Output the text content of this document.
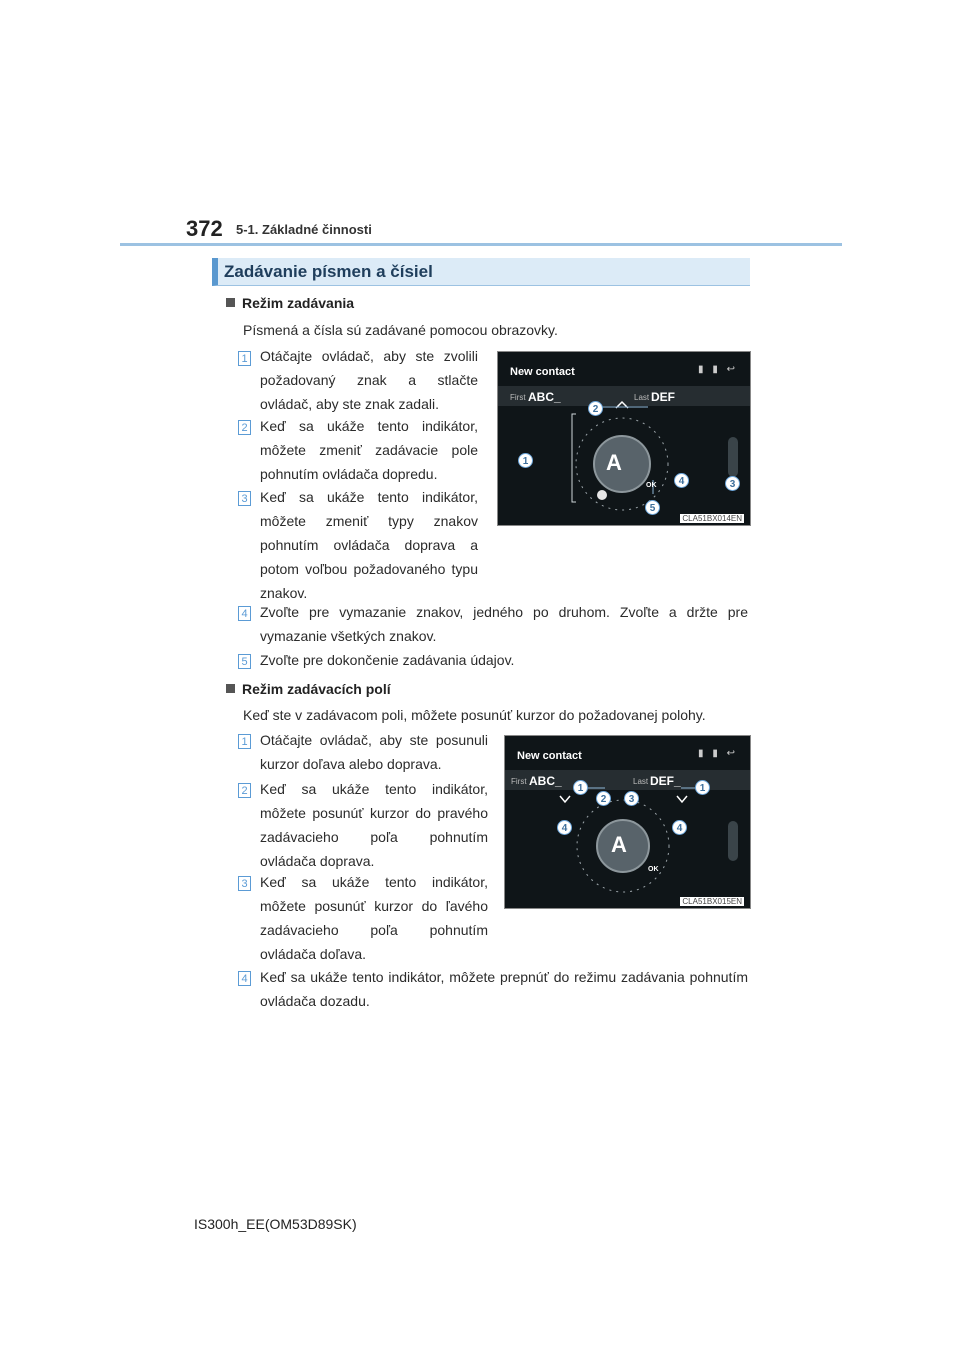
372 5-1. Základné činnosti
Zadávanie písmen a čísiel
Režim zadávania
Písmená a čísla sú zadávané pomocou obrazovky.
1 Otáčajte ovládač, aby ste zvolili požadovaný znak a stlačte ovládač, aby ste znak zadali.
2 Keď sa ukáže tento indikátor, môžete zmeniť zadávacie pole pohnutím ovládača dopredu.
3 Keď sa ukáže tento indikátor, môžete zmeniť typy znakov pohnutím ovládača doprava a potom voľbou požadovaného typu znakov.
New contact	▮ ▮ ↩
First ABC_	Last DEF
A
OK
2
1
4	3
5
CLA51BX014EN
4 Zvoľte pre vymazanie znakov, jedného po druhom. Zvoľte a držte pre vymazanie všetkých znakov.
5 Zvoľte pre dokončenie zadávania údajov.
Režim zadávacích polí
Keď ste v zadávacom poli, môžete posunúť kurzor do požadovanej polohy.
1 Otáčajte ovládač, aby ste posunuli kurzor doľava alebo doprava.
2 Keď sa ukáže tento indikátor, môžete posunúť kurzor do pravého zadávacieho poľa pohnutím ovládača doprava.
3 Keď sa ukáže tento indikátor, môžete posunúť kurzor do ľavého zadávacieho poľa pohnutím ovládača doľava.
New contact	▮ ▮ ↩
First ABC_	Last DEF_
A
OK
1	1
2	3
4	4
CLA51BX015EN
4 Keď sa ukáže tento indikátor, môžete prepnúť do režimu zadávania pohnutím ovládača dozadu.
IS300h_EE(OM53D89SK)
